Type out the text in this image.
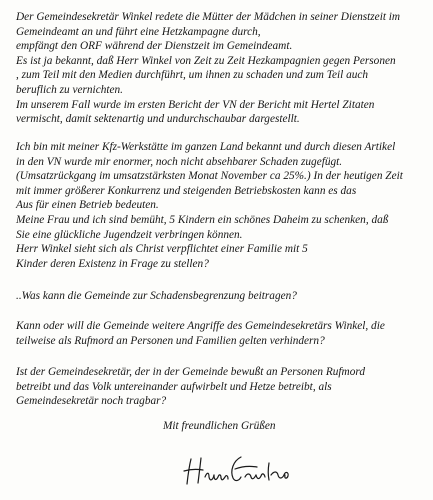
Der Gemeindesekretär Winkel redete die Mütter der Mädchen in seiner Dienstzeit im
Gemeindeamt an und führt eine Hetzkampagne durch,
empfängt den ORF während der Dienstzeit im Gemeindeamt.
Es ist ja bekannt, daß Herr Winkel von Zeit zu Zeit Hezkampagnien gegen Personen
, zum Teil mit den Medien durchführt, um ihnen zu schaden und zum Teil auch
beruflich zu vernichten.
Im unserem Fall wurde im ersten Bericht der VN der Bericht mit Hertel Zitaten
vermischt, damit sektenartig und undurchschaubar dargestellt.

Ich bin mit meiner Kfz-Werkstätte im ganzen Land bekannt und durch diesen Artikel
in den VN wurde mir enormer, noch nicht absehbarer Schaden zugefügt.
(Umsatzrückgang im umsatzstärksten Monat November ca 25%.) In der heutigen Zeit
mit immer größerer Konkurrenz und steigenden Betriebskosten kann es das
Aus für einen Betrieb bedeuten.
Meine Frau und ich sind bemüht, 5 Kindern ein schönes Daheim zu schenken, daß
Sie eine glückliche Jugendzeit verbringen können.
Herr Winkel sieht sich als Christ verpflichtet einer Familie mit 5
Kinder deren Existenz in Frage zu stellen?

..Was kann die Gemeinde zur Schadensbegrenzung beitragen?

Kann oder will die Gemeinde weitere Angriffe des Gemeindesekretärs Winkel, die
teilweise als Rufmord an Personen und Familien gelten verhindern?

Ist der Gemeindesekretär, der in der Gemeinde bewußt an Personen Rufmord
betreibt und das Volk untereinander aufwirbelt und Hetze betreibt, als
Gemeindesekretär noch tragbar?

Mit freundlichen Grüßen
